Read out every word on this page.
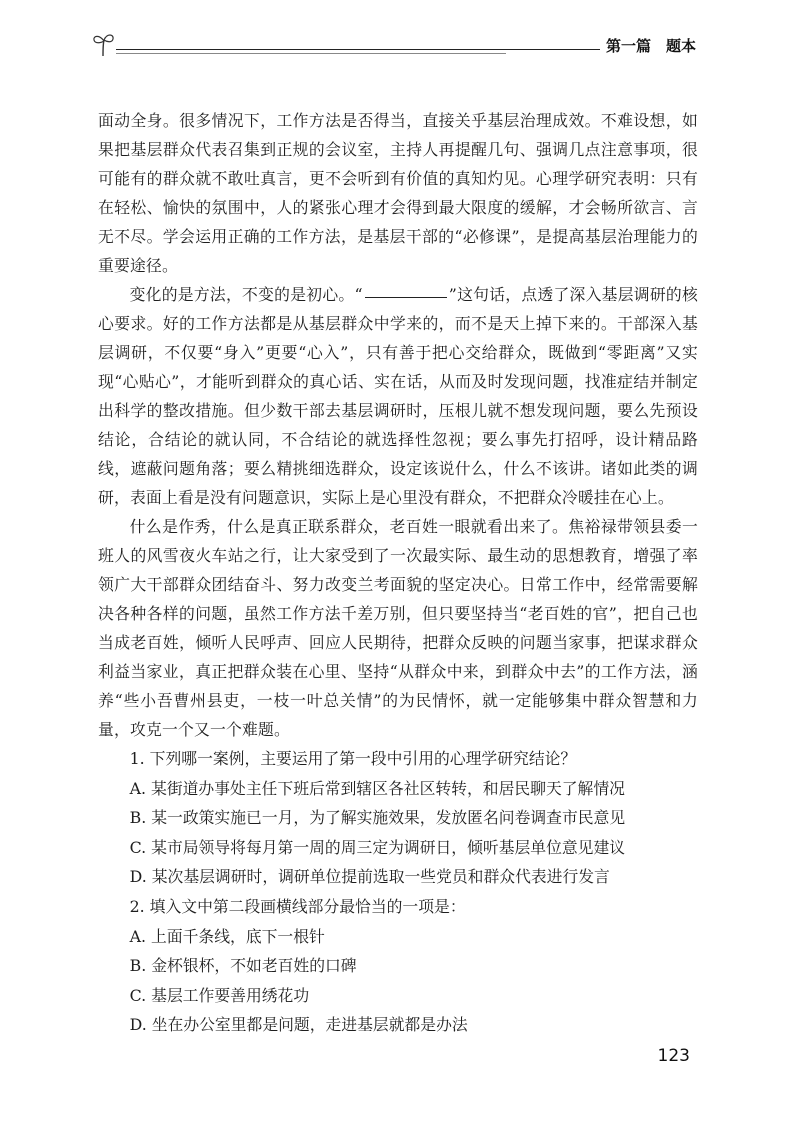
第一篇　题本

面动全身。很多情况下，工作方法是否得当，直接关乎基层治理成效。不难设想，如果把基层群众代表召集到正规的会议室，主持人再提醒几句、强调几点注意事项，很可能有的群众就不敢吐真言，更不会听到有价值的真知灼见。心理学研究表明：只有在轻松、愉快的氛围中，人的紧张心理才会得到最大限度的缓解，才会畅所欲言、言无不尽。学会运用正确的工作方法，是基层干部的“必修课”，是提高基层治理能力的重要途径。

变化的是方法，不变的是初心。“	”这句话，点透了深入基层调研的核心要求。好的工作方法都是从基层群众中学来的，而不是天上掉下来的。干部深入基层调研，不仅要“身入”更要“心入”，只有善于把心交给群众，既做到“零距离”又实现“心贴心”，才能听到群众的真心话、实在话，从而及时发现问题，找准症结并制定出科学的整改措施。但少数干部去基层调研时，压根儿就不想发现问题，要么先预设结论，合结论的就认同，不合结论的就选择性忽视；要么事先打招呼，设计精品路线，遮蔽问题角落；要么精挑细选群众，设定该说什么，什么不该讲。诸如此类的调研，表面上看是没有问题意识，实际上是心里没有群众，不把群众冷暖挂在心上。

什么是作秀，什么是真正联系群众，老百姓一眼就看出来了。焦裕禄带领县委一班人的风雪夜火车站之行，让大家受到了一次最实际、最生动的思想教育，增强了率领广大干部群众团结奋斗、努力改变兰考面貌的坚定决心。日常工作中，经常需要解决各种各样的问题，虽然工作方法千差万别，但只要坚持当“老百姓的官”，把自己也当成老百姓，倾听人民呼声、回应人民期待，把群众反映的问题当家事，把谋求群众利益当家业，真正把群众装在心里、坚持“从群众中来，到群众中去”的工作方法，涵养“些小吾曹州县吏，一枝一叶总关情”的为民情怀，就一定能够集中群众智慧和力量，攻克一个又一个难题。

1. 下列哪一案例，主要运用了第一段中引用的心理学研究结论？

A. 某街道办事处主任下班后常到辖区各社区转转，和居民聊天了解情况

B. 某一政策实施已一月，为了解实施效果，发放匿名问卷调查市民意见

C. 某市局领导将每月第一周的周三定为调研日，倾听基层单位意见建议

D. 某次基层调研时，调研单位提前选取一些党员和群众代表进行发言

2. 填入文中第二段画横线部分最恰当的一项是：

A. 上面千条线，底下一根针

B. 金杯银杯，不如老百姓的口碑

C. 基层工作要善用绣花功

D. 坐在办公室里都是问题，走进基层就都是办法

123
